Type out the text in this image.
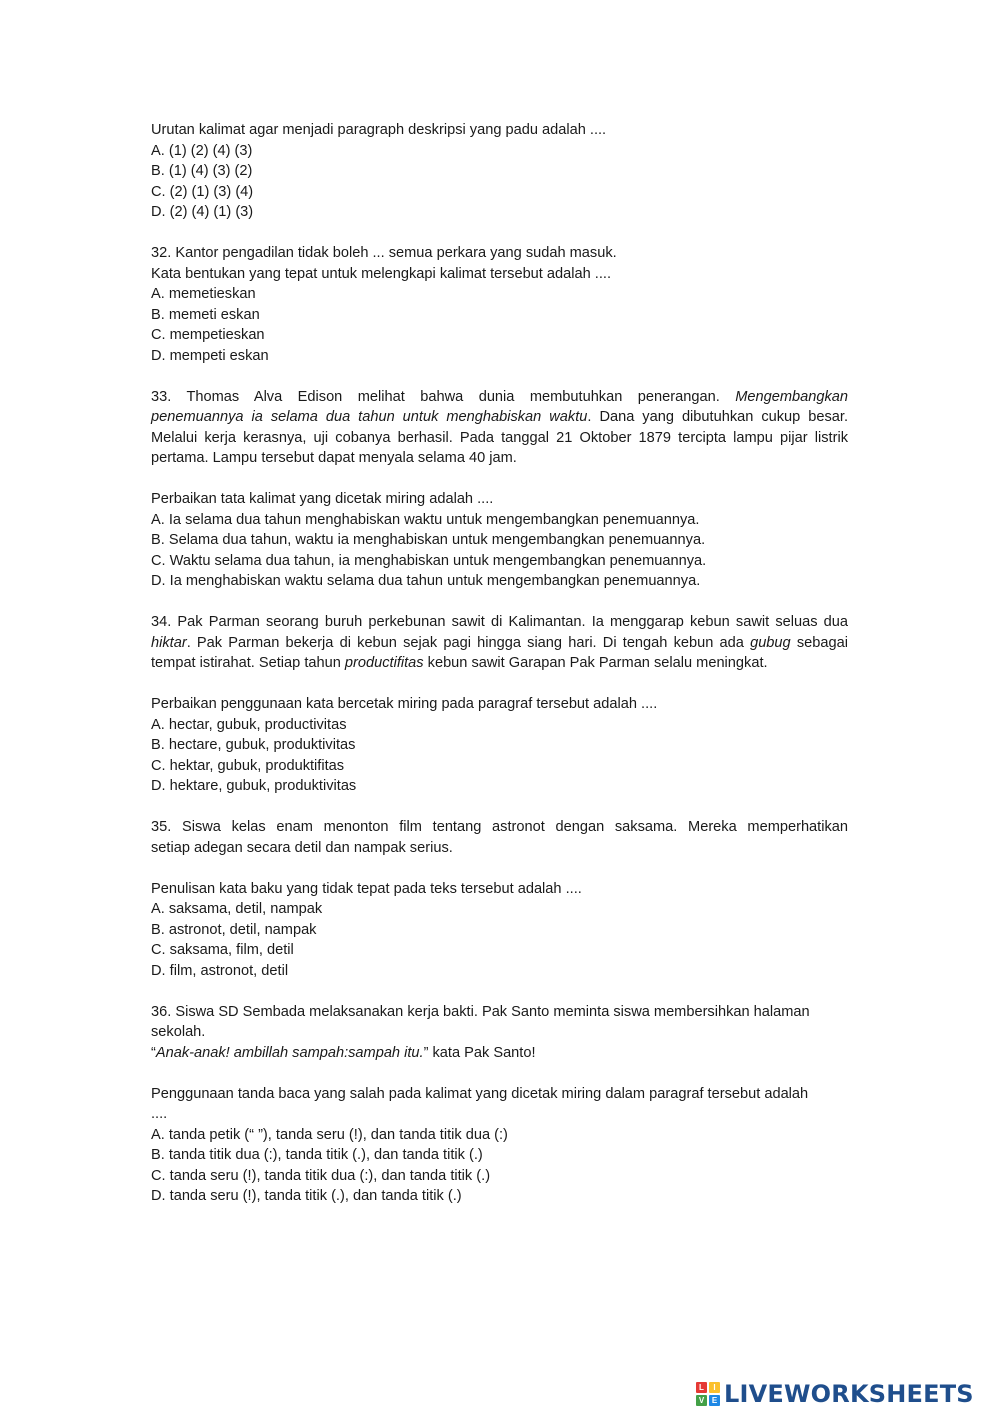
Urutan kalimat agar menjadi paragraph deskripsi yang padu adalah ....
A. (1) (2) (4) (3)
B. (1) (4) (3) (2)
C. (2) (1) (3) (4)
D. (2) (4) (1) (3)
32. Kantor pengadilan tidak boleh ... semua perkara yang sudah masuk.
Kata bentukan yang tepat untuk melengkapi kalimat tersebut adalah ....
A. memetieskan
B. memeti eskan
C. mempetieskan
D. mempeti eskan
33. Thomas Alva Edison melihat bahwa dunia membutuhkan penerangan. Mengembangkan
penemuannya ia selama dua tahun untuk menghabiskan waktu. Dana yang dibutuhkan cukup besar.
Melalui kerja kerasnya, uji cobanya berhasil. Pada tanggal 21 Oktober 1879 tercipta lampu pijar listrik
pertama. Lampu tersebut dapat menyala selama 40 jam.
Perbaikan tata kalimat yang dicetak miring adalah ....
A. Ia selama dua tahun menghabiskan waktu untuk mengembangkan penemuannya.
B. Selama dua tahun, waktu ia menghabiskan untuk mengembangkan penemuannya.
C. Waktu selama dua tahun, ia menghabiskan untuk mengembangkan penemuannya.
D. Ia menghabiskan waktu selama dua tahun untuk mengembangkan penemuannya.
34. Pak Parman seorang buruh perkebunan sawit di Kalimantan. Ia menggarap kebun sawit seluas dua
hiktar. Pak Parman bekerja di kebun sejak pagi hingga siang hari. Di tengah kebun ada gubug sebagai
tempat istirahat. Setiap tahun productifitas kebun sawit Garapan Pak Parman selalu meningkat.
Perbaikan penggunaan kata bercetak miring pada paragraf tersebut adalah ....
A. hectar, gubuk, productivitas
B. hectare, gubuk, produktivitas
C. hektar, gubuk, produktifitas
D. hektare, gubuk, produktivitas
35. Siswa kelas enam menonton film tentang astronot dengan saksama. Mereka memperhatikan
setiap adegan secara detil dan nampak serius.
Penulisan kata baku yang tidak tepat pada teks tersebut adalah ....
A. saksama, detil, nampak
B. astronot, detil, nampak
C. saksama, film, detil
D. film, astronot, detil
36. Siswa SD Sembada melaksanakan kerja bakti. Pak Santo meminta siswa membersihkan halaman
sekolah.
“Anak-anak! ambillah sampah:sampah itu.” kata Pak Santo!
Penggunaan tanda baca yang salah pada kalimat yang dicetak miring dalam paragraf tersebut adalah
....
A. tanda petik (“ ”), tanda seru (!), dan tanda titik dua (:)
B. tanda titik dua (:), tanda titik (.), dan tanda titik (.)
C. tanda seru (!), tanda titik dua (:), dan tanda titik (.)
D. tanda seru (!), tanda titik (.), dan tanda titik (.)
L	I
V E LIVEWORKSHEETS
